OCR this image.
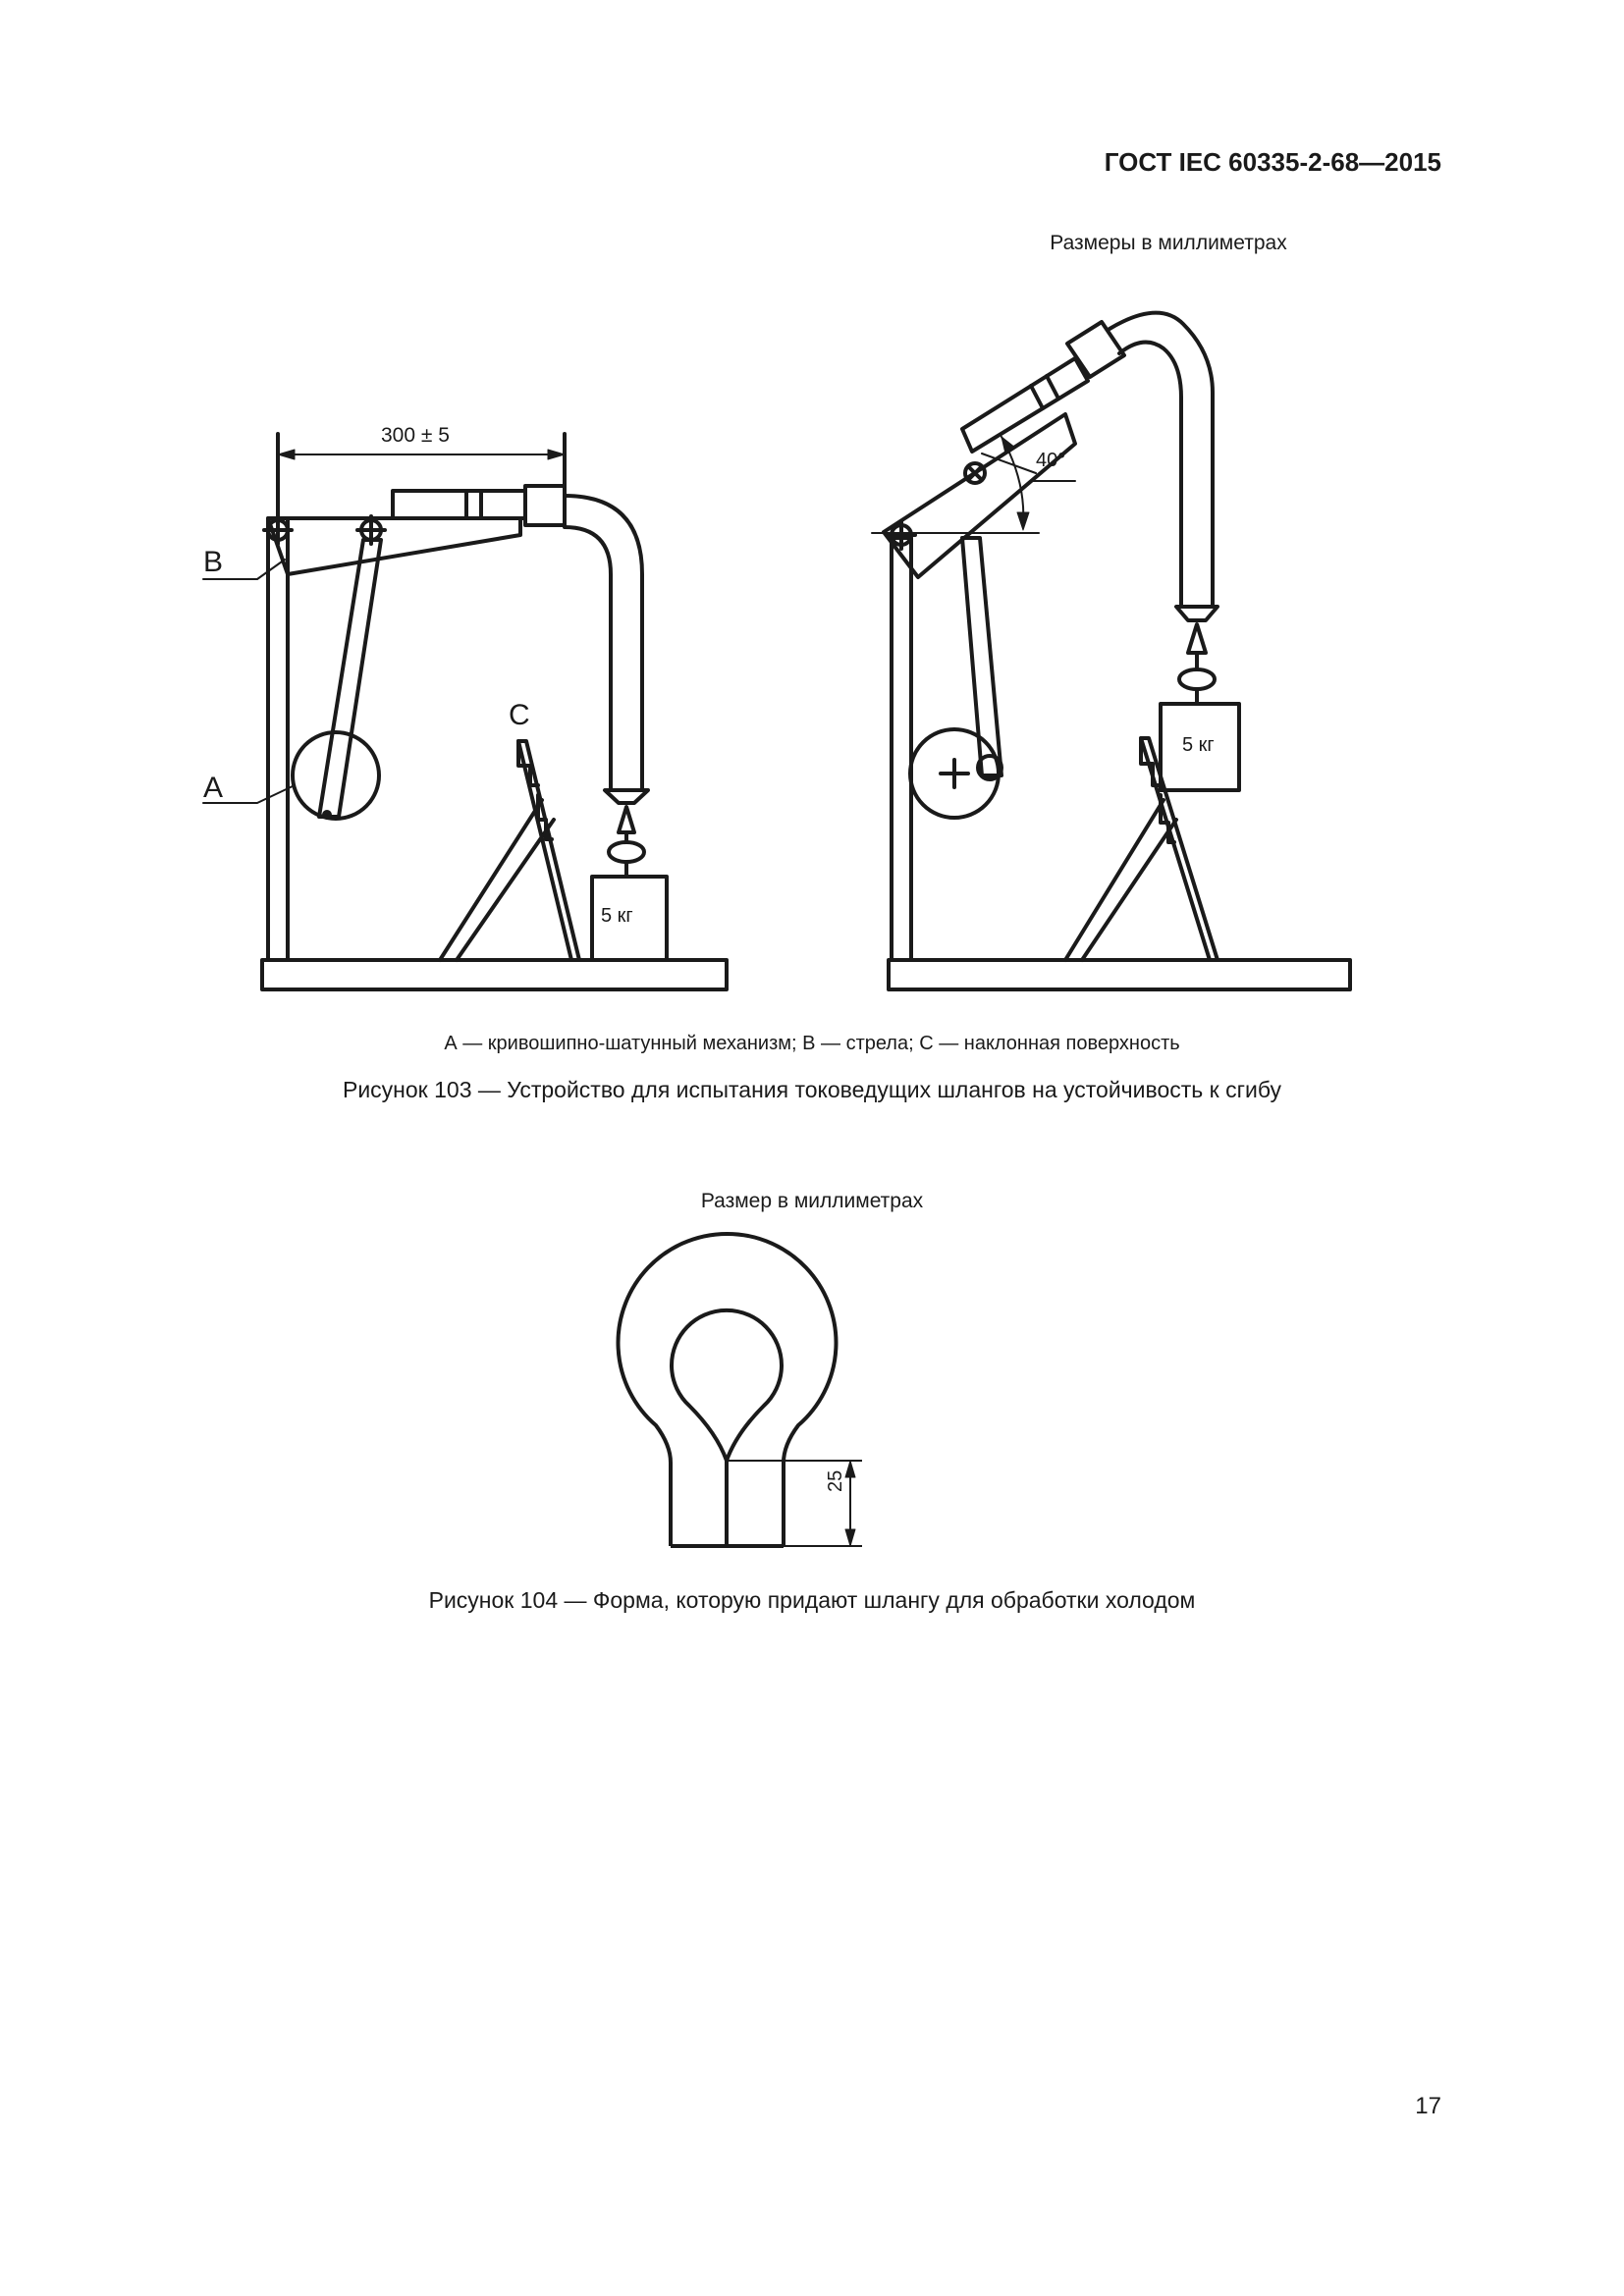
ГОСТ IEC 60335-2-68—2015
Размеры в миллиметрах
300 ± 5
B
A
C
5 кг
5 кг
40°
А — кривошипно-шатунный механизм; В — стрела; С — наклонная поверхность
Рисунок 103 — Устройство для испытания токоведущих шлангов на устойчивость к сгибу
Размер в миллиметрах
25
Рисунок 104 — Форма, которую придают шлангу для обработки холодом
17
